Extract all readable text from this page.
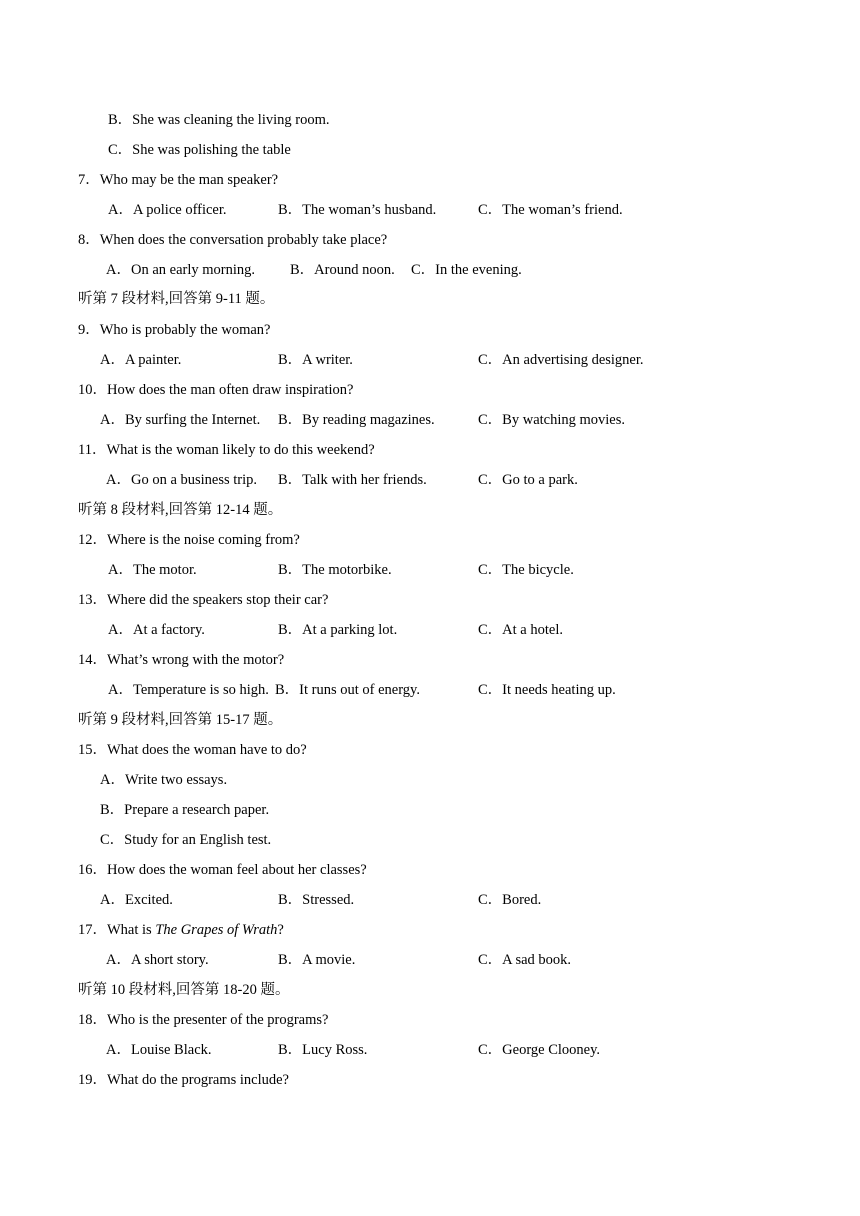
B．She was cleaning the living room.
C．She was polishing the table
7．Who may be the man speaker?
A．A police officer.	B．The woman’s husband.	C．The woman’s friend.
8．When does the conversation probably take place?
A．On an early morning. B．Around noon. C．In the evening.
听第 7 段材料,回答第 9-11 题。
9．Who is probably the woman?
A．A painter.	B．A writer.	C．An advertising designer.
10．How does the man often draw inspiration?
A．By surfing the Internet. B．By reading magazines.	C．By watching movies.
11．What is the woman likely to do this weekend?
A．Go on a business trip. B．Talk with her friends.	C．Go to a park.
听第 8 段材料,回答第 12-14 题。
12．Where is the noise coming from?
A．The motor.	B．The motorbike.	C．The bicycle.
13．Where did the speakers stop their car?
A．At a factory.	B．At a parking lot.	C．At a hotel.
14．What’s wrong with the motor?
A．Temperature is so high. B．It runs out of energy.	C．It needs heating up.
听第 9 段材料,回答第 15-17 题。
15．What does the woman have to do?
A．Write two essays.
B．Prepare a research paper.
C．Study for an English test.
16．How does the woman feel about her classes?
A．Excited.	B．Stressed.	C．Bored.
17．What is The Grapes of Wrath?
A．A short story.	B．A movie.	C．A sad book.
听第 10 段材料,回答第 18-20 题。
18．Who is the presenter of the programs?
A．Louise Black.	B．Lucy Ross.	C．George Clooney.
19．What do the programs include?
